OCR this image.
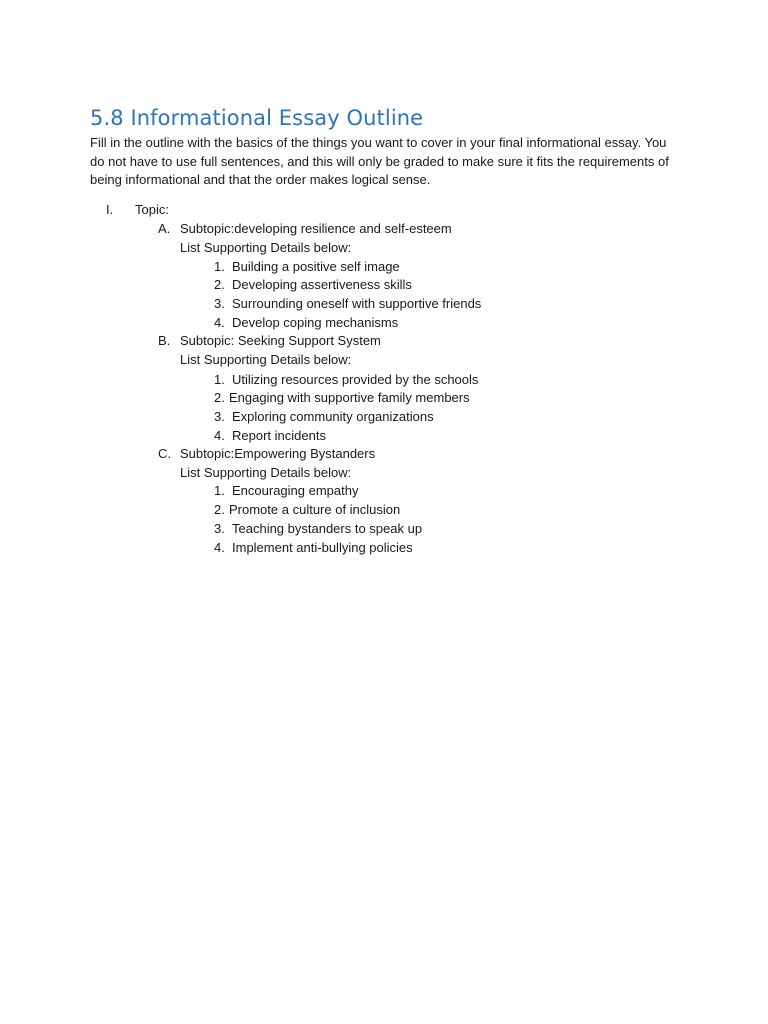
5.8 Informational Essay Outline
Fill in the outline with the basics of the things you want to cover in your final informational essay. You do not have to use full sentences, and this will only be graded to make sure it fits the requirements of being informational and that the order makes logical sense.
I. Topic:
A. Subtopic:developing resilience and self-esteem
List Supporting Details below:
1. Building a positive self image
2. Developing assertiveness skills
3. Surrounding oneself with supportive friends
4. Develop coping mechanisms
B. Subtopic: Seeking Support System
List Supporting Details below:
1. Utilizing resources provided by the schools
2. Engaging with supportive family members
3. Exploring community organizations
4. Report incidents
C. Subtopic:Empowering Bystanders
List Supporting Details below:
1. Encouraging empathy
2. Promote a culture of inclusion
3. Teaching bystanders to speak up
4. Implement anti-bullying policies
